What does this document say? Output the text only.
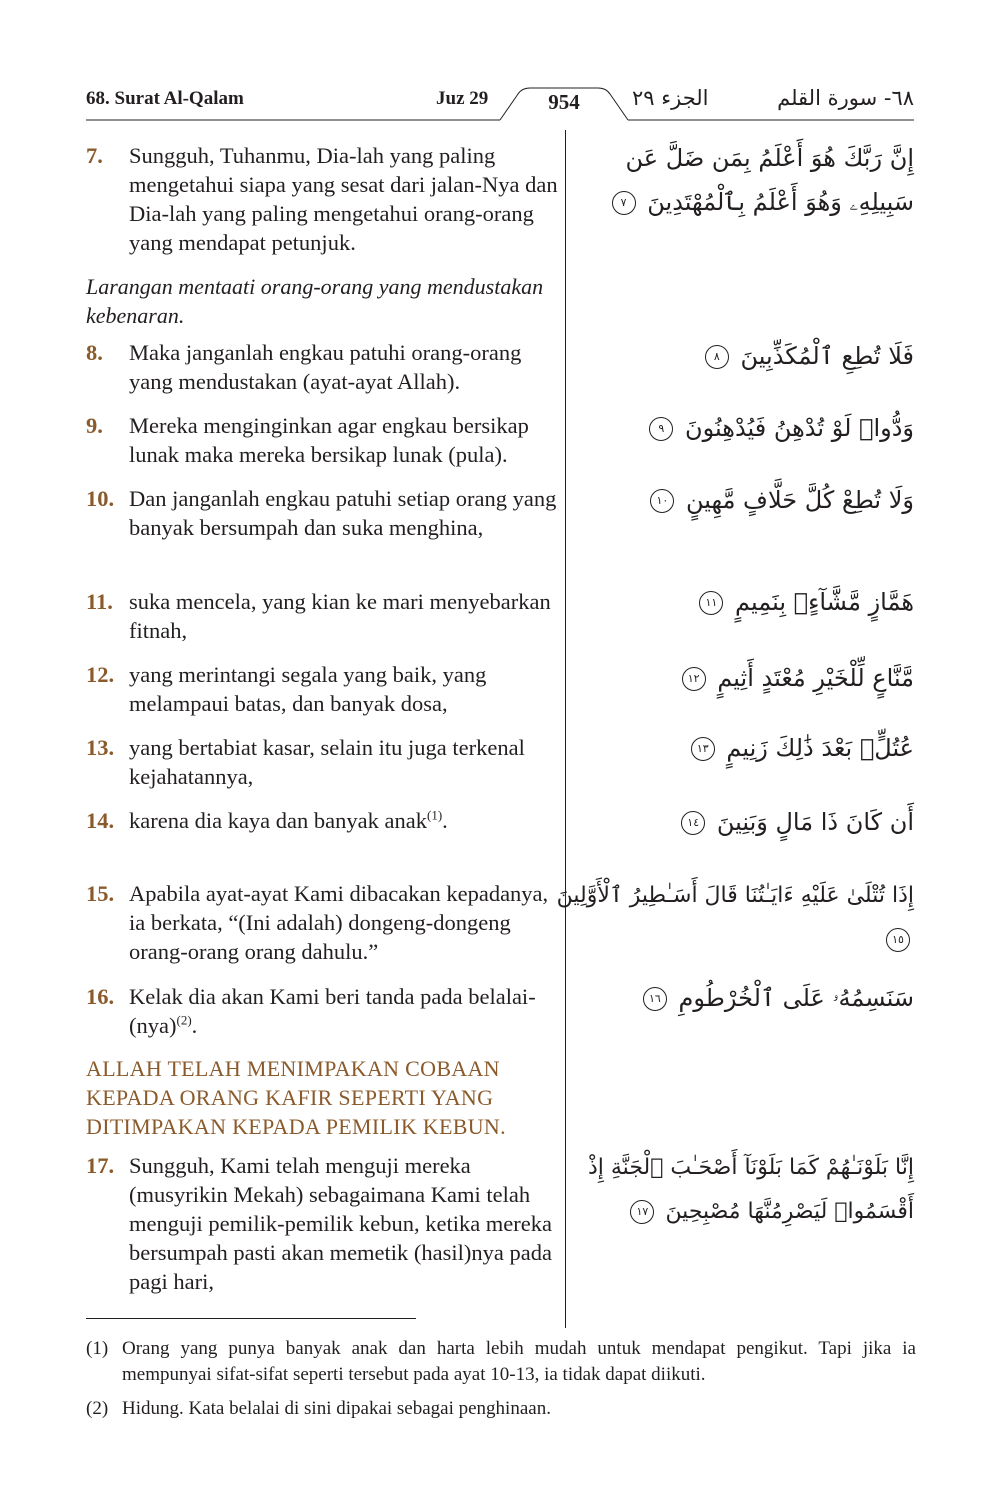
68. Surat Al-Qalam	Juz 29	954	الجزء ٢٩	٦٨- سورة القلم
7.	Sungguh, Tuhanmu, Dia-lah yang paling mengetahui siapa yang sesat dari jalan-Nya dan Dia-lah yang paling mengetahui orang-orang yang mendapat petunjuk.
إِنَّ رَبَّكَ هُوَ أَعْلَمُ بِمَن ضَلَّ عَن سَبِيلِهِۦ وَهُوَ أَعْلَمُ بِٱلْمُهْتَدِينَ ٧
Larangan mentaati orang-orang yang mendustakan kebenaran.
8.	Maka janganlah engkau patuhi orang-orang yang mendustakan (ayat-ayat Allah).
فَلَا تُطِعِ ٱلْمُكَذِّبِينَ ٨
9.	Mereka menginginkan agar engkau bersikap lunak maka mereka bersikap lunak (pula).
وَدُّوا۟ لَوْ تُدْهِنُ فَيُدْهِنُونَ ٩
10. Dan janganlah engkau patuhi setiap orang yang banyak bersumpah dan suka menghina,
وَلَا تُطِعْ كُلَّ حَلَّافٍ مَّهِينٍ ١٠
11. suka mencela, yang kian ke mari menyebarkan fitnah,
هَمَّازٍ مَّشَّآءٍۭ بِنَمِيمٍ ١١
12. yang merintangi segala yang baik, yang melampaui batas, dan banyak dosa,
مَّنَّاعٍ لِّلْخَيْرِ مُعْتَدٍ أَثِيمٍ ١٢
13. yang bertabiat kasar, selain itu juga terkenal kejahatannya,
عُتُلٍّۭ بَعْدَ ذَٰلِكَ زَنِيمٍ ١٣
14. karena dia kaya dan banyak anak$^{(1)}$.	أَن كَانَ ذَا مَالٍ وَبَنِينَ ١٤
15. Apabila ayat-ayat Kami dibacakan kepadanya, ia berkata, “(Ini adalah) dongeng-dongeng orang-orang orang dahulu.”
إِذَا تُتْلَىٰ عَلَيْهِ ءَايَـٰتُنَا قَالَ أَسَـٰطِيرُ ٱلْأَوَّلِينَ ١٥
16. Kelak dia akan Kami beri tanda pada belalai-(nya)$^{(2)}$.
سَنَسِمُهُۥ عَلَى ٱلْخُرْطُومِ ١٦
ALLAH TELAH MENIMPAKAN COBAAN KEPADA ORANG KAFIR SEPERTI YANG DITIMPAKAN KEPADA PEMILIK KEBUN.
17. Sungguh, Kami telah menguji mereka (musyrikin Mekah) sebagaimana Kami telah menguji pemilik-pemilik kebun, ketika mereka bersumpah pasti akan memetik (hasil)nya pada pagi hari,
إِنَّا بَلَوْنَـٰهُمْ كَمَا بَلَوْنَآ أَصْحَـٰبَ ٱلْجَنَّةِ إِذْ أَقْسَمُوا۟ لَيَصْرِمُنَّهَا مُصْبِحِينَ ١٧
(1) Orang yang punya banyak anak dan harta lebih mudah untuk mendapat pengikut. Tapi jika ia mempunyai sifat-sifat seperti tersebut pada ayat 10-13, ia tidak dapat diikuti.
(2) Hidung. Kata belalai di sini dipakai sebagai penghinaan.
